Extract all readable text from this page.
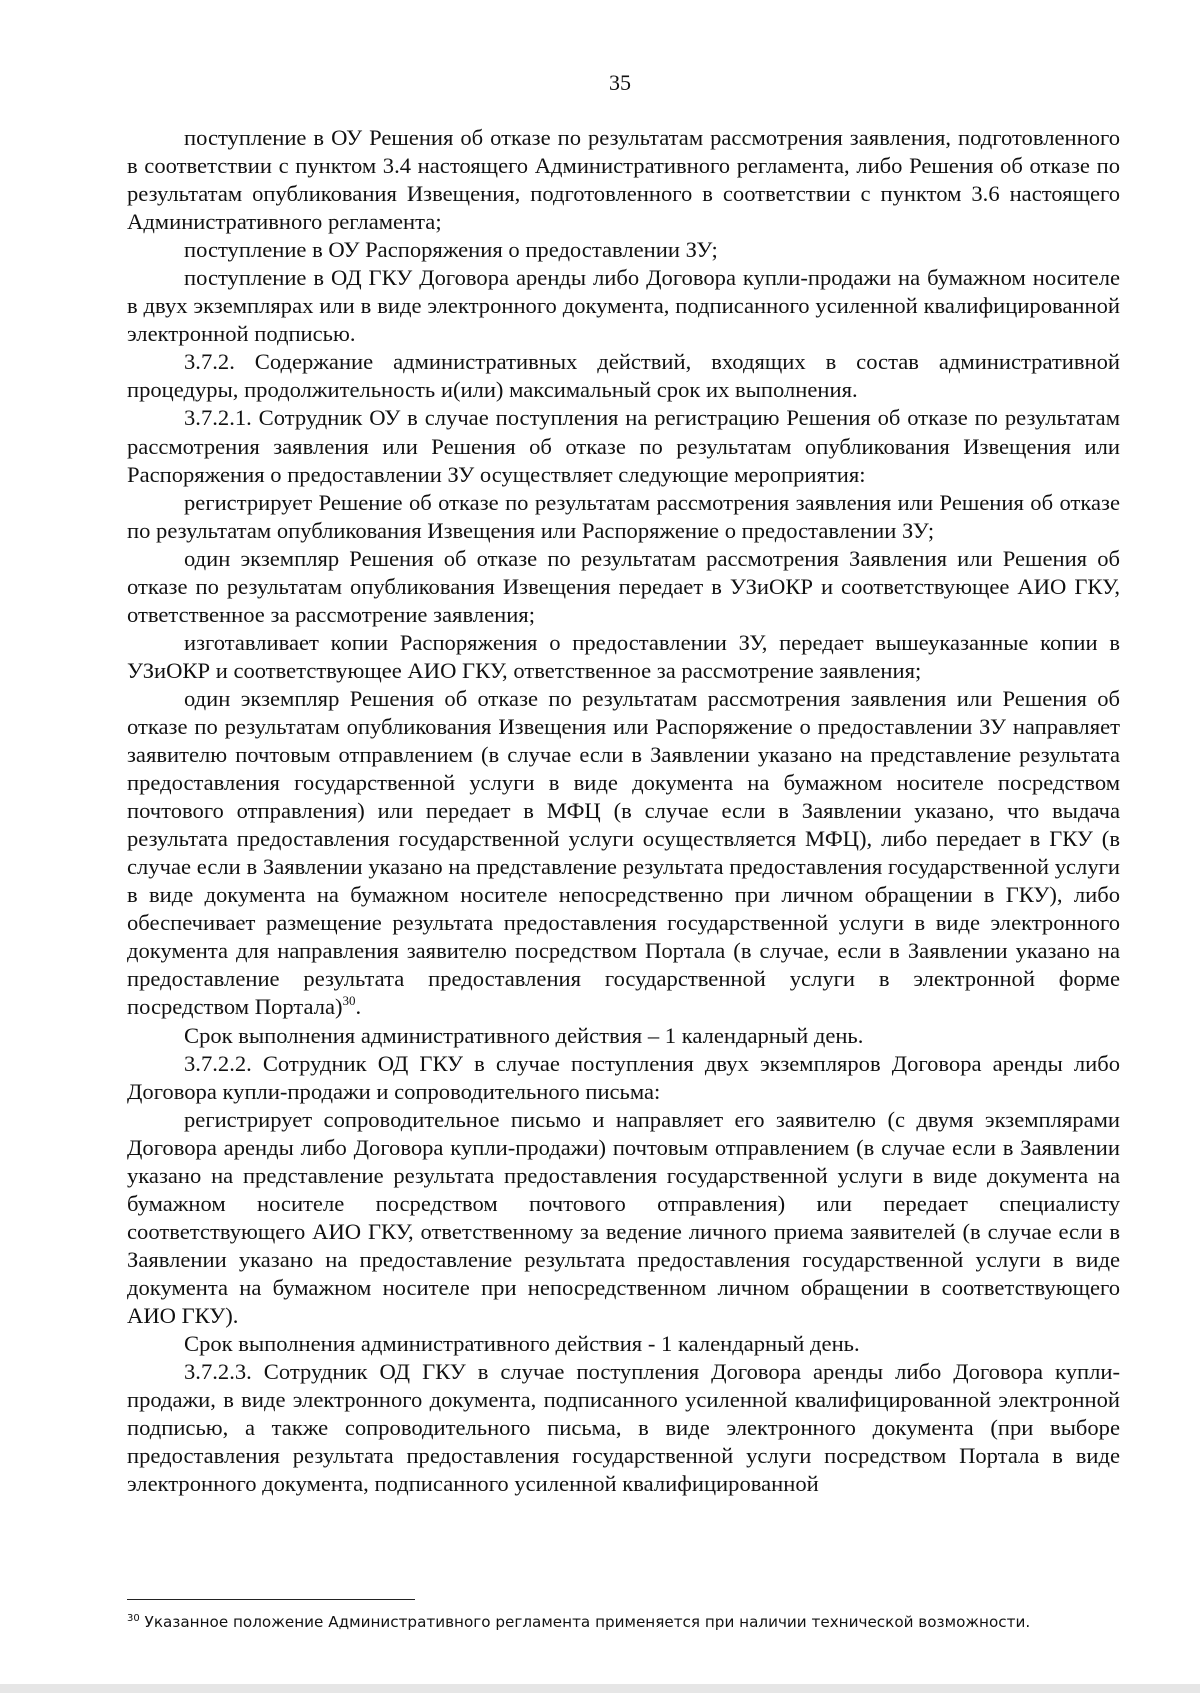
35

поступление в ОУ Решения об отказе по результатам рассмотрения заявления, подготовленного в соответствии с пунктом 3.4 настоящего Административного регламента, либо Решения об отказе по результатам опубликования Извещения, подготовленного в соответствии с пунктом 3.6 настоящего Административного регламента;

поступление в ОУ Распоряжения о предоставлении ЗУ;

поступление в ОД ГКУ Договора аренды либо Договора купли-продажи на бумажном носителе в двух экземплярах или в виде электронного документа, подписанного усиленной квалифицированной электронной подписью.

3.7.2. Содержание административных действий, входящих в состав административной процедуры, продолжительность и(или) максимальный срок их выполнения.

3.7.2.1. Сотрудник ОУ в случае поступления на регистрацию Решения об отказе по результатам рассмотрения заявления или Решения об отказе по результатам опубликования Извещения или Распоряжения о предоставлении ЗУ осуществляет следующие мероприятия:

регистрирует Решение об отказе по результатам рассмотрения заявления или Решения об отказе по результатам опубликования Извещения или Распоряжение о предоставлении ЗУ;

один экземпляр Решения об отказе по результатам рассмотрения Заявления или Решения об отказе по результатам опубликования Извещения передает в УЗиОКР и соответствующее АИО ГКУ, ответственное за рассмотрение заявления;

изготавливает копии Распоряжения о предоставлении ЗУ, передает вышеуказанные копии в УЗиОКР и соответствующее АИО ГКУ, ответственное за рассмотрение заявления;

один экземпляр Решения об отказе по результатам рассмотрения заявления или Решения об отказе по результатам опубликования Извещения или Распоряжение о предоставлении ЗУ направляет заявителю почтовым отправлением (в случае если в Заявлении указано на представление результата предоставления государственной услуги в виде документа на бумажном носителе посредством почтового отправления) или передает в МФЦ (в случае если в Заявлении указано, что выдача результата предоставления государственной услуги осуществляется МФЦ), либо передает в ГКУ (в случае если в Заявлении указано на представление результата предоставления государственной услуги в виде документа на бумажном носителе непосредственно при личном обращении в ГКУ), либо обеспечивает размещение результата предоставления государственной услуги в виде электронного документа для направления заявителю посредством Портала (в случае, если в Заявлении указано на предоставление результата предоставления государственной услуги в электронной форме посредством Портала)$^{30}$.

Срок выполнения административного действия – 1 календарный день.

3.7.2.2. Сотрудник ОД ГКУ в случае поступления двух экземпляров Договора аренды либо Договора купли-продажи и сопроводительного письма:

регистрирует сопроводительное письмо и направляет его заявителю (с двумя экземплярами Договора аренды либо Договора купли-продажи) почтовым отправлением (в случае если в Заявлении указано на представление результата предоставления государственной услуги в виде документа на бумажном носителе посредством почтового отправления) или передает специалисту соответствующего АИО ГКУ, ответственному за ведение личного приема заявителей (в случае если в Заявлении указано на предоставление результата предоставления государственной услуги в виде документа на бумажном носителе при непосредственном личном обращении в соответствующего АИО ГКУ).

Срок выполнения административного действия - 1 календарный день.

3.7.2.3. Сотрудник ОД ГКУ в случае поступления Договора аренды либо Договора купли-продажи, в виде электронного документа, подписанного усиленной квалифицированной электронной подписью, а также сопроводительного письма, в виде электронного документа (при выборе предоставления результата предоставления государственной услуги посредством Портала в виде электронного документа, подписанного усиленной квалифицированной

$^{30}$ Указанное положение Административного регламента применяется при наличии технической возможности.
